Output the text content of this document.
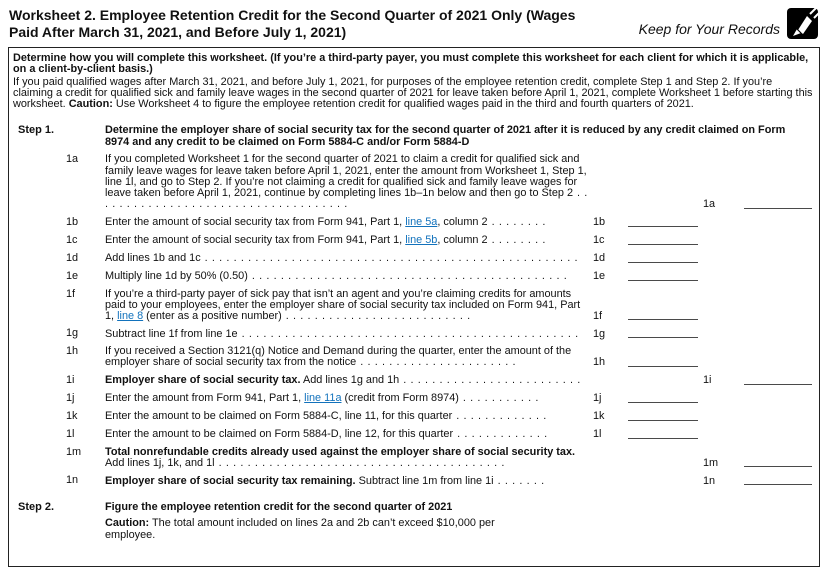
Worksheet 2. Employee Retention Credit for the Second Quarter of 2021 Only (Wages Paid After March 31, 2021, and Before July 1, 2021)	Keep for Your Records

Determine how you will complete this worksheet. (If you’re a third-party payer, you must complete this worksheet for each client for which it is applicable, on a client-by-client basis.)

If you paid qualified wages after March 31, 2021, and before July 1, 2021, for purposes of the employee retention credit, complete Step 1 and Step 2. If you’re claiming a credit for qualified sick and family leave wages in the second quarter of 2021 for leave taken before April 1, 2021, complete Worksheet 1 before starting this worksheet. Caution: Use Worksheet 4 to figure the employee retention credit for qualified wages paid in the third and fourth quarters of 2021.

Step 1.	Determine the employer share of social security tax for the second quarter of 2021 after it is reduced by any credit claimed on Form 8974 and any credit to be claimed on Form 5884-C and/or Form 5884-D

1a	If you completed Worksheet 1 for the second quarter of 2021 to claim a credit for qualified sick and family leave wages for leave taken before April 1, 2021, enter the amount from Worksheet 1, Step 1, line 1l, and go to Step 2. If you’re not claiming a credit for qualified sick and family leave wages for leave taken before April 1, 2021, continue by completing lines 1b–1n below and then go to Step 2 . . . . . . . . . . . . . . . . . . . . . . . . . . . . . . . . . . . .	1a
1b	Enter the amount of social security tax from Form 941, Part 1, line 5a, column 2 . . . . . . . .	1b
1c	Enter the amount of social security tax from Form 941, Part 1, line 5b, column 2 . . . . . . . .	1c
1d	Add lines 1b and 1c . . . . . . . . . . . . . . . . . . . . . . . . . . . . . . . . . . . . . . . . . . . . . . . . . . . .	1d
1e	Multiply line 1d by 50% (0.50) . . . . . . . . . . . . . . . . . . . . . . . . . . . . . . . . . . . . . . . . . . . .	1e
1f	If you’re a third-party payer of sick pay that isn’t an agent and you’re claiming credits for amounts paid to your employees, enter the employer share of social security tax included on Form 941, Part 1, line 8 (enter as a positive number) . . . . . . . . . . . . . . . . . . . . . . . . . .	1f
1g	Subtract line 1f from line 1e . . . . . . . . . . . . . . . . . . . . . . . . . . . . . . . . . . . . . . . . . . . . . . .	1g
1h	If you received a Section 3121(q) Notice and Demand during the quarter, enter the amount of the employer share of social security tax from the notice . . . . . . . . . . . . . . . . . . . . . .	1h
1i	Employer share of social security tax. Add lines 1g and 1h . . . . . . . . . . . . . . . . . . . . . . . . .	1i
1j	Enter the amount from Form 941, Part 1, line 11a (credit from Form 8974) . . . . . . . . . . .	1j
1k	Enter the amount to be claimed on Form 5884-C, line 11, for this quarter . . . . . . . . . . . . .	1k
1l	Enter the amount to be claimed on Form 5884-D, line 12, for this quarter . . . . . . . . . . . . .	1l
1m	Total nonrefundable credits already used against the employer share of social security tax. Add lines 1j, 1k, and 1l . . . . . . . . . . . . . . . . . . . . . . . . . . . . . . . . . . . . . . . .	1m
1n	Employer share of social security tax remaining. Subtract line 1m from line 1i . . . . . . .	1n
Step 2.	Figure the employee retention credit for the second quarter of 2021

Caution: The total amount included on lines 2a and 2b can’t exceed $10,000 per employee.
